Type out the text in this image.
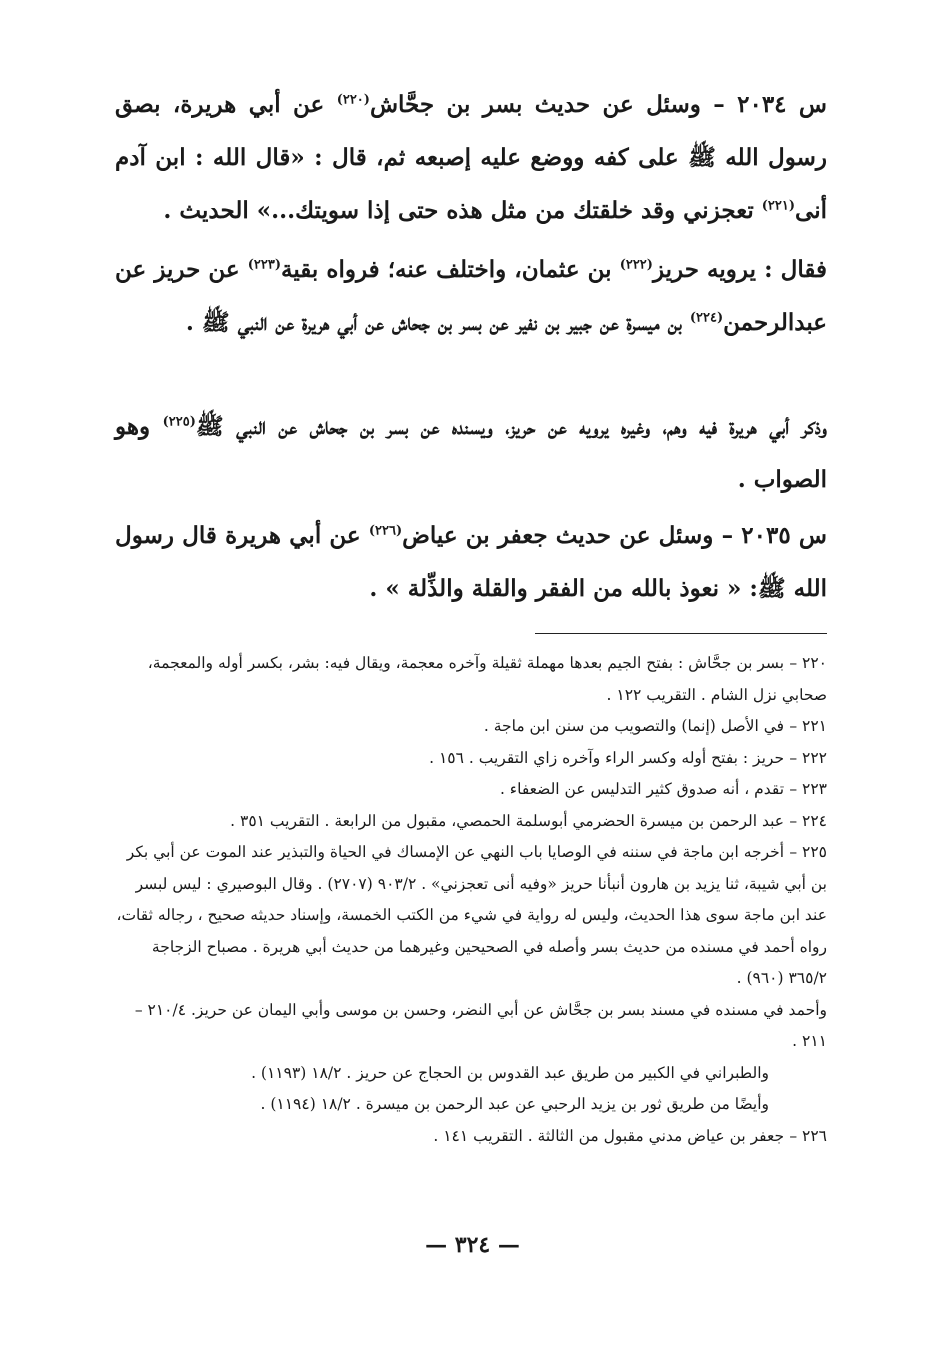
س ٢٠٣٤ – وسئل عن حديث بسر بن جحَّاش$^{(٢٢٠)}$ عن أبي هريرة، بصق رسول الله ﷺ على كفه ووضع عليه إصبعه ثم، قال : «قال الله : ابن آدم أنى$^{(٢٢١)}$ تعجزني وقد خلقتك من مثل هذه حتى إذا سويتك...» الحديث .

فقال : يرويه حريز$^{(٢٢٢)}$ بن عثمان، واختلف عنه؛ فرواه بقية$^{(٢٢٣)}$ عن حريز عن عبدالرحمن$^{(٢٢٤)}$ بن ميسرة عن جبير بن نفير عن بسر بن جحاش عن أبي هريرة عن النبي ﷺ .

وذكر أبي هريرة فيه وهم، وغيره يرويه عن حريز، ويسنده عن بسر بن جحاش عن النبي ﷺ$^{(٢٢٥)}$ وهو الصواب .

س ٢٠٣٥ – وسئل عن حديث جعفر بن عياض$^{(٢٢٦)}$ عن أبي هريرة قال رسول الله ﷺ: « نعوذ بالله من الفقر والقلة والذِّلة » .

٢٢٠ – بسر بن جحَّاش : بفتح الجيم بعدها مهملة ثقيلة وآخره معجمة، ويقال فيه: بشر، بكسر أوله والمعجمة، صحابي نزل الشام . التقريب ١٢٢ .

٢٢١ – في الأصل (إنما) والتصويب من سنن ابن ماجة .

٢٢٢ – حريز : بفتح أوله وكسر الراء وآخره زاي التقريب . ١٥٦ .

٢٢٣ – تقدم ، أنه صدوق كثير التدليس عن الضعفاء .

٢٢٤ – عبد الرحمن بن ميسرة الحضرمي أبوسلمة الحمصي، مقبول من الرابعة . التقريب ٣٥١ .

٢٢٥ – أخرجه ابن ماجة في سننه في الوصايا باب النهي عن الإمساك في الحياة والتبذير عند الموت عن أبي بكر بن أبي شيبة، ثنا يزيد بن هارون أنبأنا حريز «وفيه أنى تعجزني» . ٩٠٣/٢ (٢٧٠٧) . وقال البوصيري : ليس لبسر عند ابن ماجة سوى هذا الحديث، وليس له رواية في شيء من الكتب الخمسة، وإسناد حديثه صحيح ، رجاله ثقات، رواه أحمد في مسنده من حديث بسر وأصله في الصحيحين وغيرهما من حديث أبي هريرة . مصباح الزجاجة ٣٦٥/٢ (٩٦٠) .

وأحمد في مسنده في مسند بسر بن جحَّاش عن أبي النضر، وحسن بن موسى وأبي اليمان عن حريز. ٢١٠/٤ – ٢١١ .

والطبراني في الكبير من طريق عبد القدوس بن الحجاج عن حريز . ١٨/٢ (١١٩٣) .

وأيضًا من طريق ثور بن يزيد الرحبي عن عبد الرحمن بن ميسرة . ١٨/٢ (١١٩٤) .

٢٢٦ – جعفر بن عياض مدني مقبول من الثالثة . التقريب ١٤١ .

— ٣٢٤ —
